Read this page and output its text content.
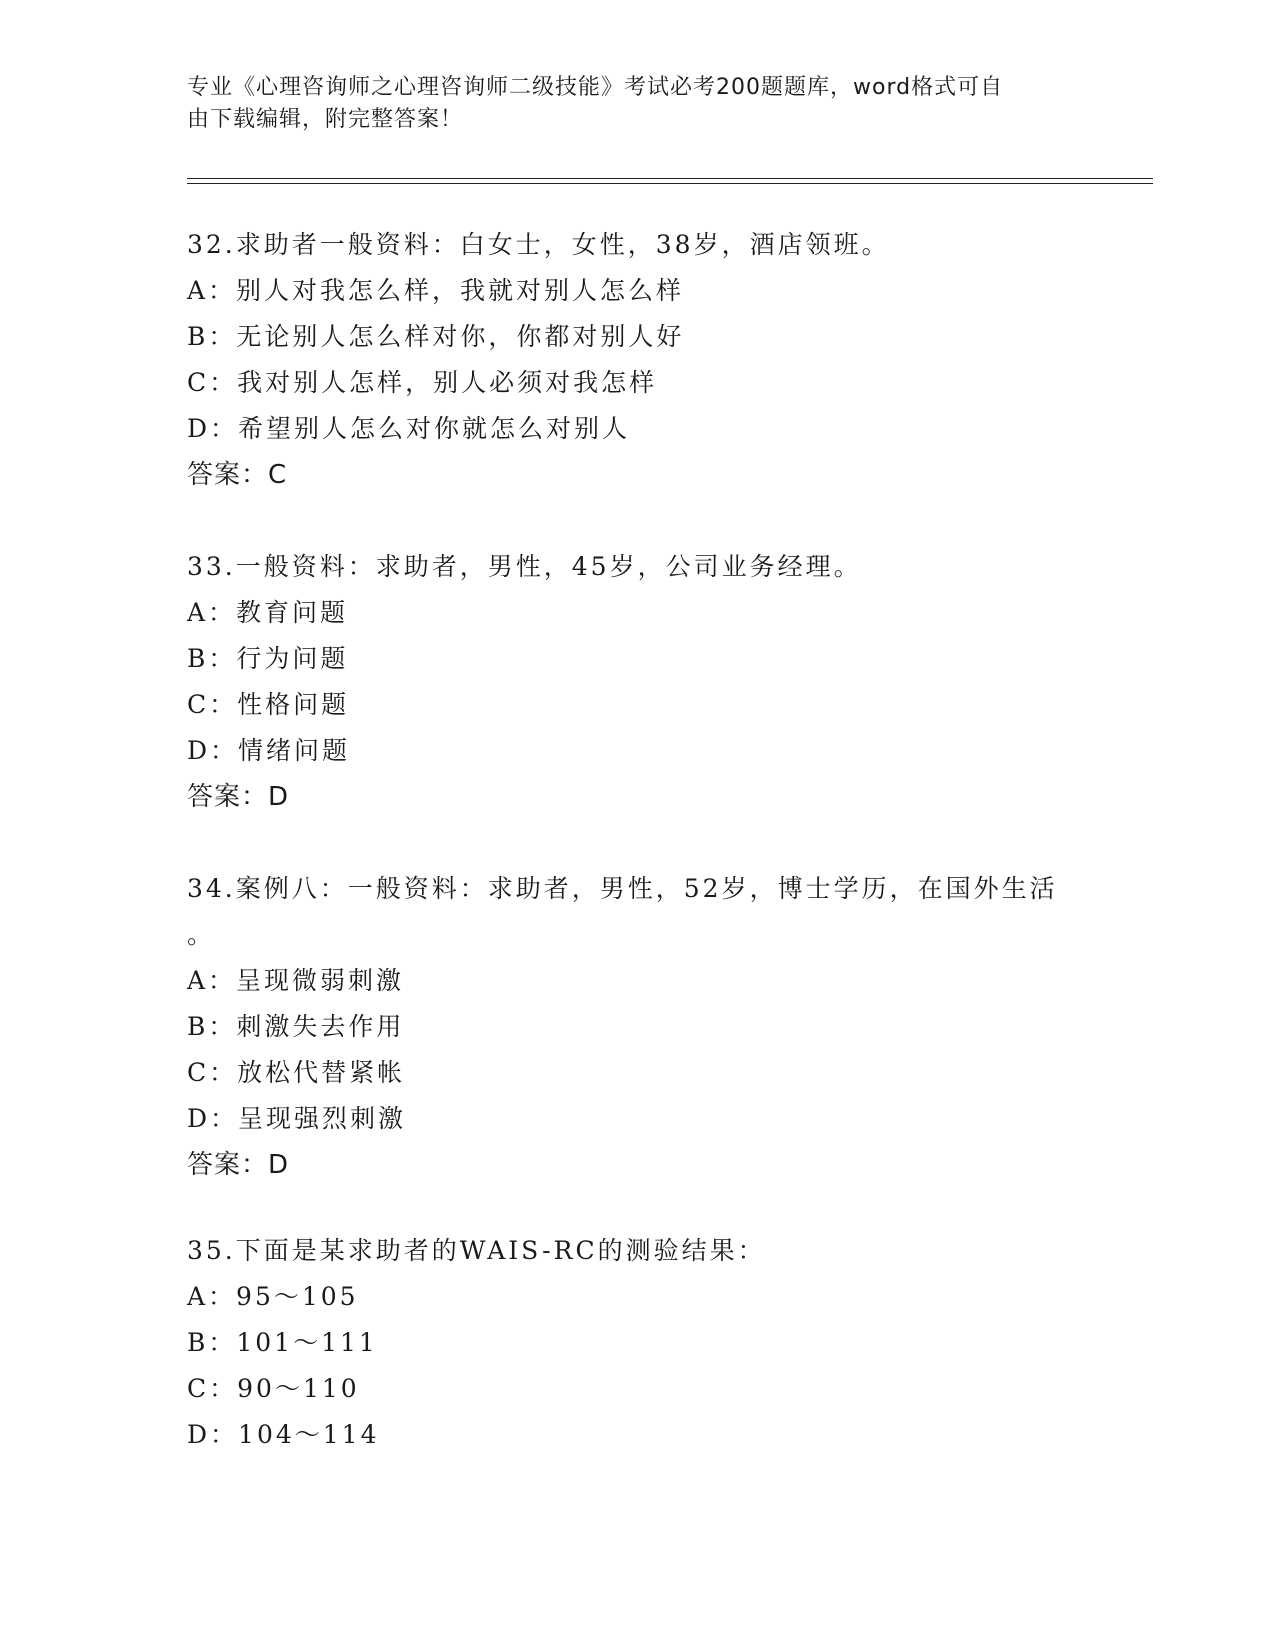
专业《心理咨询师之心理咨询师二级技能》考试必考200题题库，word格式可自
由下载编辑，附完整答案！
32.求助者一般资料：白女士，女性，38岁，酒店领班。
A：别人对我怎么样，我就对别人怎么样
B：无论别人怎么样对你，你都对别人好
C：我对别人怎样，别人必须对我怎样
D：希望别人怎么对你就怎么对别人
答案：C
33.一般资料：求助者，男性，45岁，公司业务经理。
A：教育问题
B：行为问题
C：性格问题
D：情绪问题
答案：D
34.案例八：一般资料：求助者，男性，52岁，博士学历，在国外生活
。
A：呈现微弱刺激
B：刺激失去作用
C：放松代替紧帐
D：呈现强烈刺激
答案：D
35.下面是某求助者的WAIS-RC的测验结果：
A：95～105
B：101～111
C：90～110
D：104～114
